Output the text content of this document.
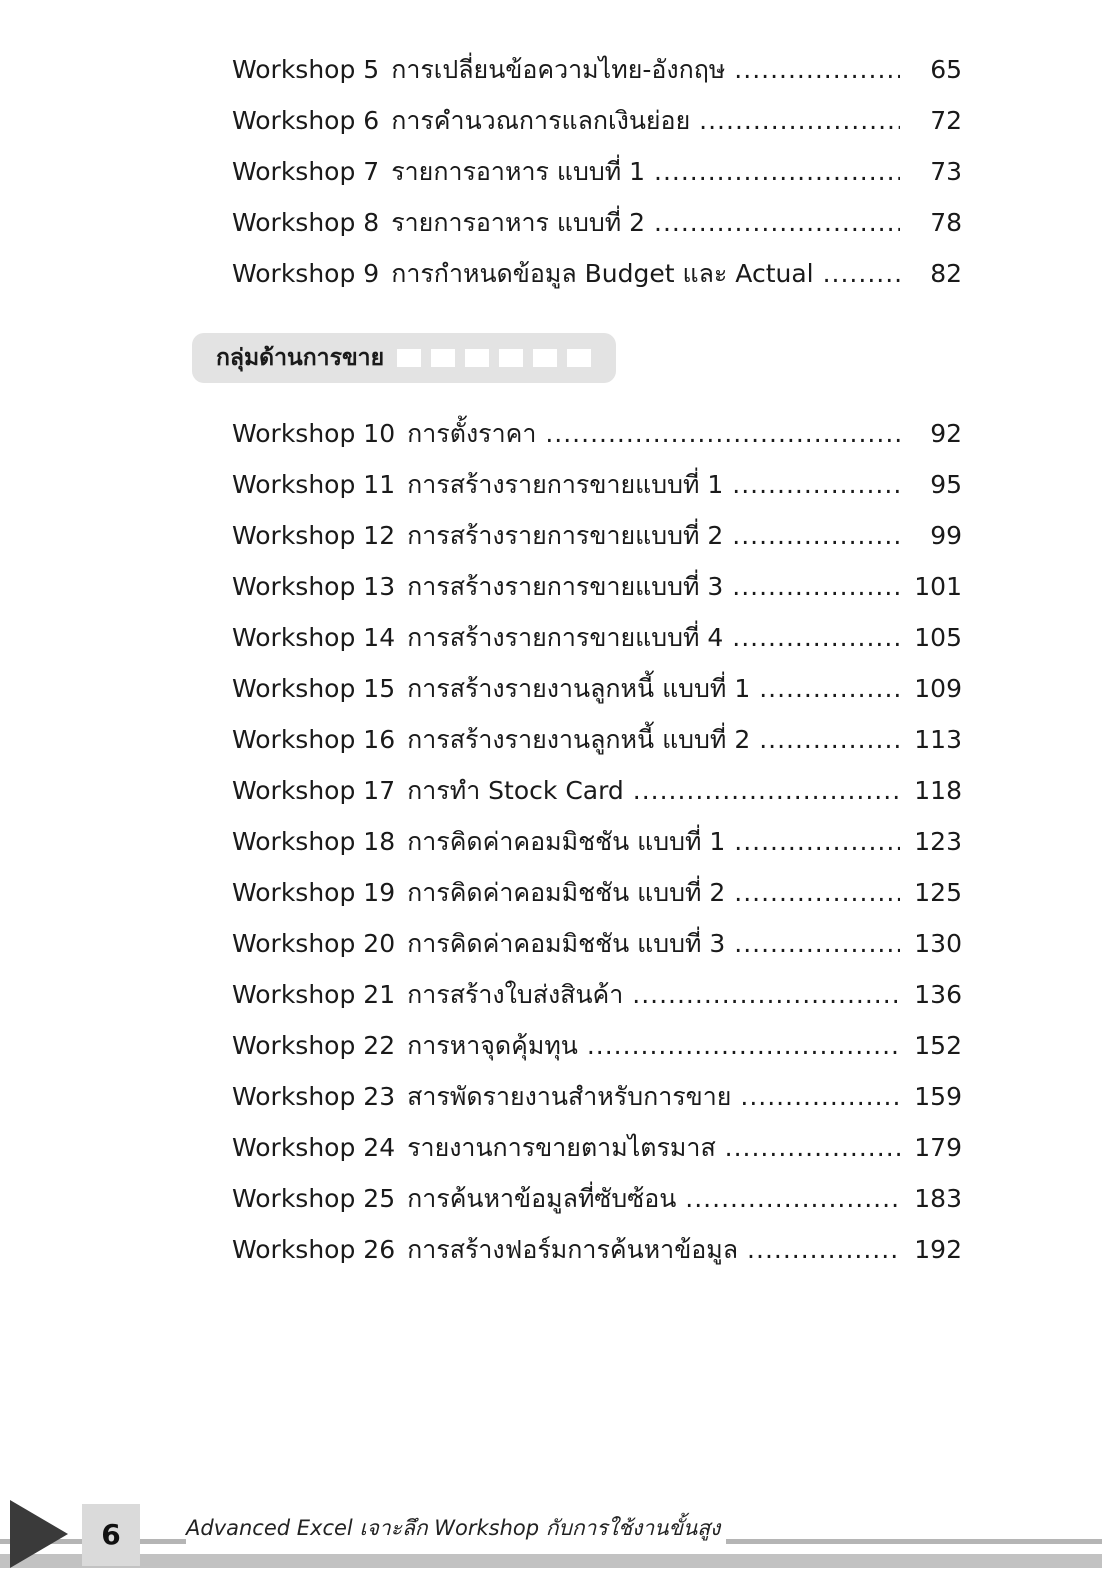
Workshop 5 การเปลี่ยนข้อความไทย-อังกฤษ .....	65
Workshop 6 การคำนวณการแลกเงินย่อย .....	72
Workshop 7 รายการอาหาร แบบที่ 1 .....	73
Workshop 8 รายการอาหาร แบบที่ 2 .....	78
Workshop 9 การกำหนดข้อมูล Budget และ Actual .....	82
กลุ่มด้านการขาย
Workshop 10 การตั้งราคา .....	92
Workshop 11 การสร้างรายการขายแบบที่ 1 .....	95
Workshop 12 การสร้างรายการขายแบบที่ 2 .....	99
Workshop 13 การสร้างรายการขายแบบที่ 3 .....	101
Workshop 14 การสร้างรายการขายแบบที่ 4 .....	105
Workshop 15 การสร้างรายงานลูกหนี้ แบบที่ 1 .....	109
Workshop 16 การสร้างรายงานลูกหนี้ แบบที่ 2 .....	113
Workshop 17 การทำ Stock Card .....	118
Workshop 18 การคิดค่าคอมมิชชัน แบบที่ 1 .....	123
Workshop 19 การคิดค่าคอมมิชชัน แบบที่ 2 .....	125
Workshop 20 การคิดค่าคอมมิชชัน แบบที่ 3 .....	130
Workshop 21 การสร้างใบส่งสินค้า .....	136
Workshop 22 การหาจุดคุ้มทุน .....	152
Workshop 23 สารพัดรายงานสำหรับการขาย .....	159
Workshop 24 รายงานการขายตามไตรมาส .....	179
Workshop 25 การค้นหาข้อมูลที่ซับซ้อน .....	183
Workshop 26 การสร้างฟอร์มการค้นหาข้อมูล .....	192
6	Advanced Excel เจาะลึก Workshop กับการใช้งานขั้นสูง
